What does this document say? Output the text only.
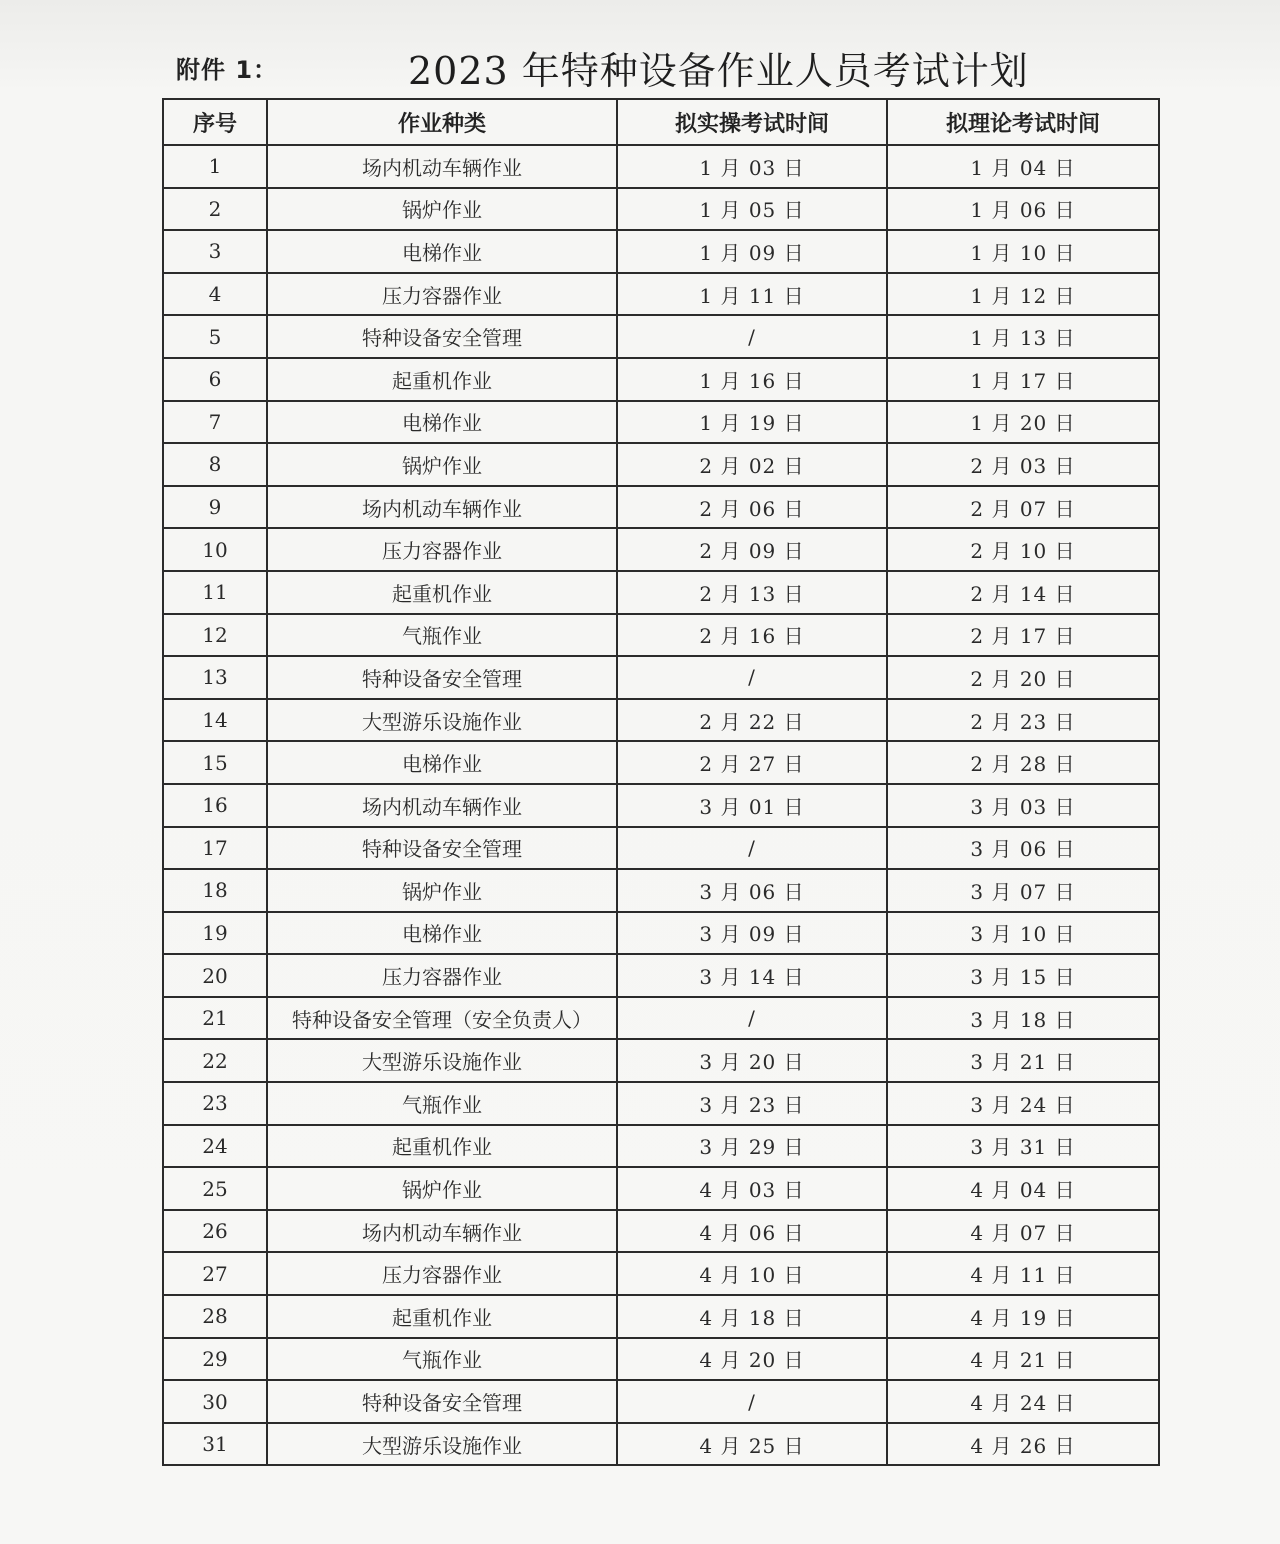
附件 1：	2023 年特种设备作业人员考试计划
序号	作业种类	拟实操考试时间	拟理论考试时间
1	场内机动车辆作业	1 月 03 日	1 月 04 日
2	锅炉作业	1 月 05 日	1 月 06 日
3	电梯作业	1 月 09 日	1 月 10 日
4	压力容器作业	1 月 11 日	1 月 12 日
5	特种设备安全管理	/	1 月 13 日
6	起重机作业	1 月 16 日	1 月 17 日
7	电梯作业	1 月 19 日	1 月 20 日
8	锅炉作业	2 月 02 日	2 月 03 日
9	场内机动车辆作业	2 月 06 日	2 月 07 日
10	压力容器作业	2 月 09 日	2 月 10 日
11	起重机作业	2 月 13 日	2 月 14 日
12	气瓶作业	2 月 16 日	2 月 17 日
13	特种设备安全管理	/	2 月 20 日
14	大型游乐设施作业	2 月 22 日	2 月 23 日
15	电梯作业	2 月 27 日	2 月 28 日
16	场内机动车辆作业	3 月 01 日	3 月 03 日
17	特种设备安全管理	/	3 月 06 日
18	锅炉作业	3 月 06 日	3 月 07 日
19	电梯作业	3 月 09 日	3 月 10 日
20	压力容器作业	3 月 14 日	3 月 15 日
21	特种设备安全管理（安全负责人）	/	3 月 18 日
22	大型游乐设施作业	3 月 20 日	3 月 21 日
23	气瓶作业	3 月 23 日	3 月 24 日
24	起重机作业	3 月 29 日	3 月 31 日
25	锅炉作业	4 月 03 日	4 月 04 日
26	场内机动车辆作业	4 月 06 日	4 月 07 日
27	压力容器作业	4 月 10 日	4 月 11 日
28	起重机作业	4 月 18 日	4 月 19 日
29	气瓶作业	4 月 20 日	4 月 21 日
30	特种设备安全管理	/	4 月 24 日
31	大型游乐设施作业	4 月 25 日	4 月 26 日
